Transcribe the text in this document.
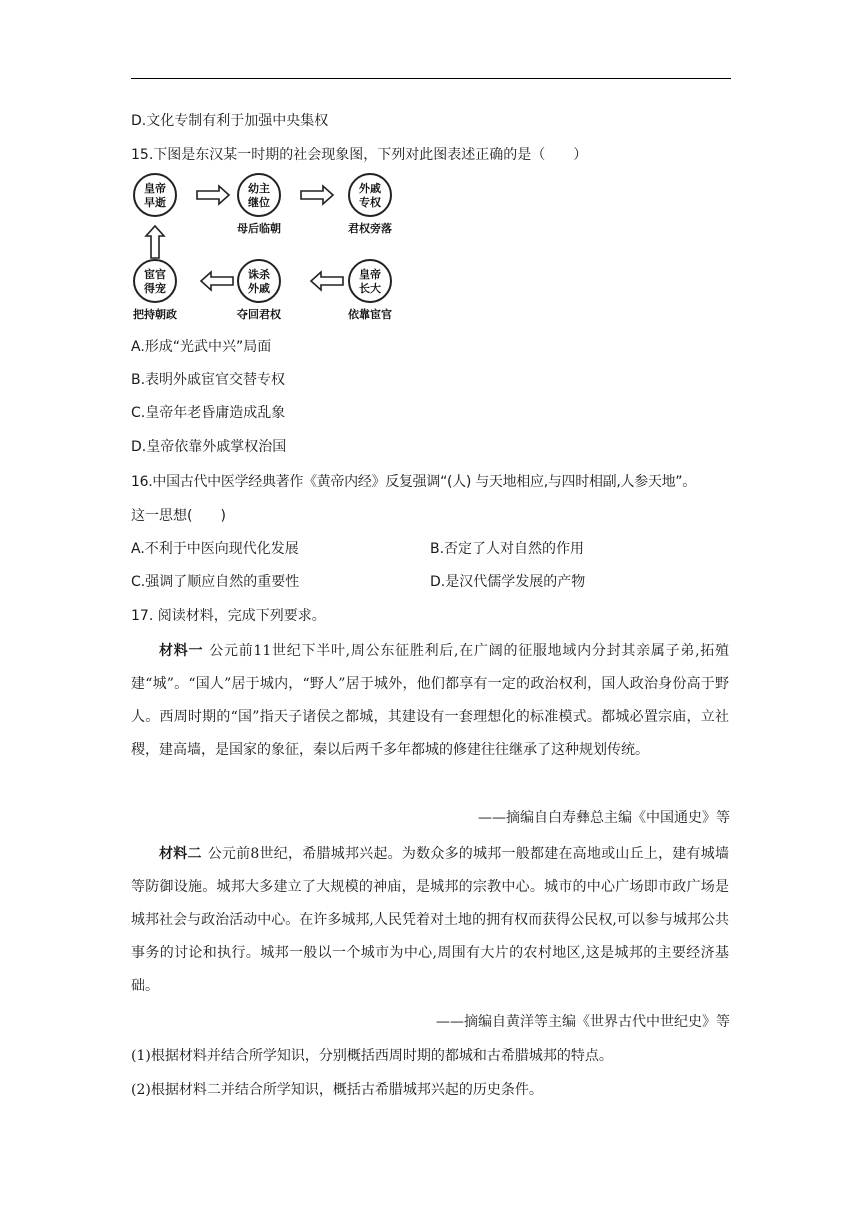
D.文化专制有利于加强中央集权
15.下图是东汉某一时期的社会现象图，下列对此图表述正确的是（　　）
皇帝
早逝
幼主
继位
母后临朝
外戚
专权
君权旁落
宦官
得宠
把持朝政
诛杀
外戚
夺回君权
皇帝
长大
依靠宦官
A.形成“光武中兴”局面
B.表明外戚宦官交替专权
C.皇帝年老昏庸造成乱象
D.皇帝依靠外戚掌权治国
16.中国古代中医学经典著作《黄帝内经》反复强调“(人) 与天地相应,与四时相副,人参天地”。
这一思想(　　)
A.不利于中医向现代化发展	B.否定了人对自然的作用
C.强调了顺应自然的重要性	D.是汉代儒学发展的产物
17. 阅读材料，完成下列要求。
材料一 公元前11世纪下半叶,周公东征胜利后,在广阔的征服地域内分封其亲属子弟,拓殖建“城”。“国人”居于城内，“野人”居于城外，他们都享有一定的政治权利，国人政治身份高于野人。西周时期的“国”指天子诸侯之都城，其建设有一套理想化的标准模式。都城必置宗庙，立社稷，建高墙，是国家的象征，秦以后两千多年都城的修建往往继承了这种规划传统。
——摘编自白寿彝总主编《中国通史》等
材料二 公元前8世纪，希腊城邦兴起。为数众多的城邦一般都建在高地或山丘上，建有城墙等防御设施。城邦大多建立了大规模的神庙，是城邦的宗教中心。城市的中心广场即市政广场是城邦社会与政治活动中心。在许多城邦,人民凭着对土地的拥有权而获得公民权,可以参与城邦公共事务的讨论和执行。城邦一般以一个城市为中心,周围有大片的农村地区,这是城邦的主要经济基础。
——摘编自黄洋等主编《世界古代中世纪史》等
(1)根据材料并结合所学知识，分别概括西周时期的都城和古希腊城邦的特点。
(2)根据材料二并结合所学知识，概括古希腊城邦兴起的历史条件。
